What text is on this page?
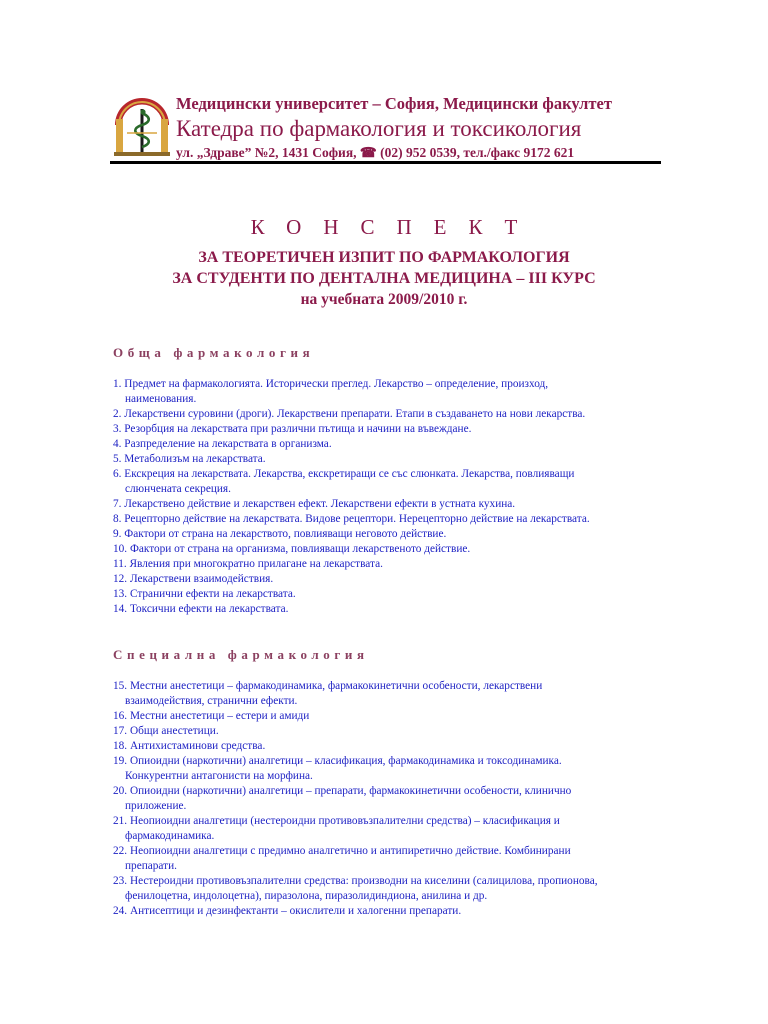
Медицински университет – София, Медицински факултет
Катедра по фармакология и токсикология
ул. „Здраве” №2, 1431 София, ☎ (02) 952 0539, тел./факс 9172 621
КОНСПЕКТ
ЗА ТЕОРЕТИЧЕН ИЗПИТ ПО ФАРМАКОЛОГИЯ
ЗА СТУДЕНТИ ПО ДЕНТАЛНА МЕДИЦИНА – III КУРС
на учебната 2009/2010 г.
Обща фармакология
1. Предмет на фармакологията. Исторически преглед. Лекарство – определение, произход,
наименования.
2. Лекарствени суровини (дроги). Лекарствени препарати. Етапи в създаването на нови лекарства.
3. Резорбция на лекарствата при различни пътища и начини на въвеждане.
4. Разпределение на лекарствата в организма.
5. Метаболизъм на лекарствата.
6. Екскреция на лекарствата. Лекарства, екскретиращи се със слюнката. Лекарства, повлияващи
слюнчената секреция.
7. Лекарствено действие и лекарствен ефект. Лекарствени ефекти в устната кухина.
8. Рецепторно действие на лекарствата. Видове рецептори. Нерецепторно действие на лекарствата.
9. Фактори от страна на лекарството, повлияващи неговото действие.
10. Фактори от страна на организма, повлияващи лекарственото действие.
11. Явления при многократно прилагане на лекарствата.
12. Лекарствени взаимодействия.
13. Странични ефекти на лекарствата.
14. Токсични ефекти на лекарствата.
Специална фармакология
15. Местни анестетици – фармакодинамика, фармакокинетични особености, лекарствени
взаимодействия, странични ефекти.
16. Местни анестетици – естери и амиди
17. Общи анестетици.
18. Антихистаминови средства.
19. Опиоидни (наркотични) аналгетици – класификация, фармакодинамика и токсодинамика.
Конкурентни антагонисти на морфина.
20. Опиоидни (наркотични) аналгетици – препарати, фармакокинетични особености, клинично
приложение.
21. Неопиоидни аналгетици (нестероидни противовъзпалителни средства) – класификация и
фармакодинамика.
22. Неопиоидни аналгетици с предимно аналгетично и антипиретично действие. Комбинирани
препарати.
23. Нестероидни противовъзпалителни средства: производни на киселини (салицилова, пропионова,
фенилоцетна, индолоцетна), пиразолона, пиразолидиндиона, анилина и др.
24. Антисептици и дезинфектанти – окислители и халогенни препарати.
